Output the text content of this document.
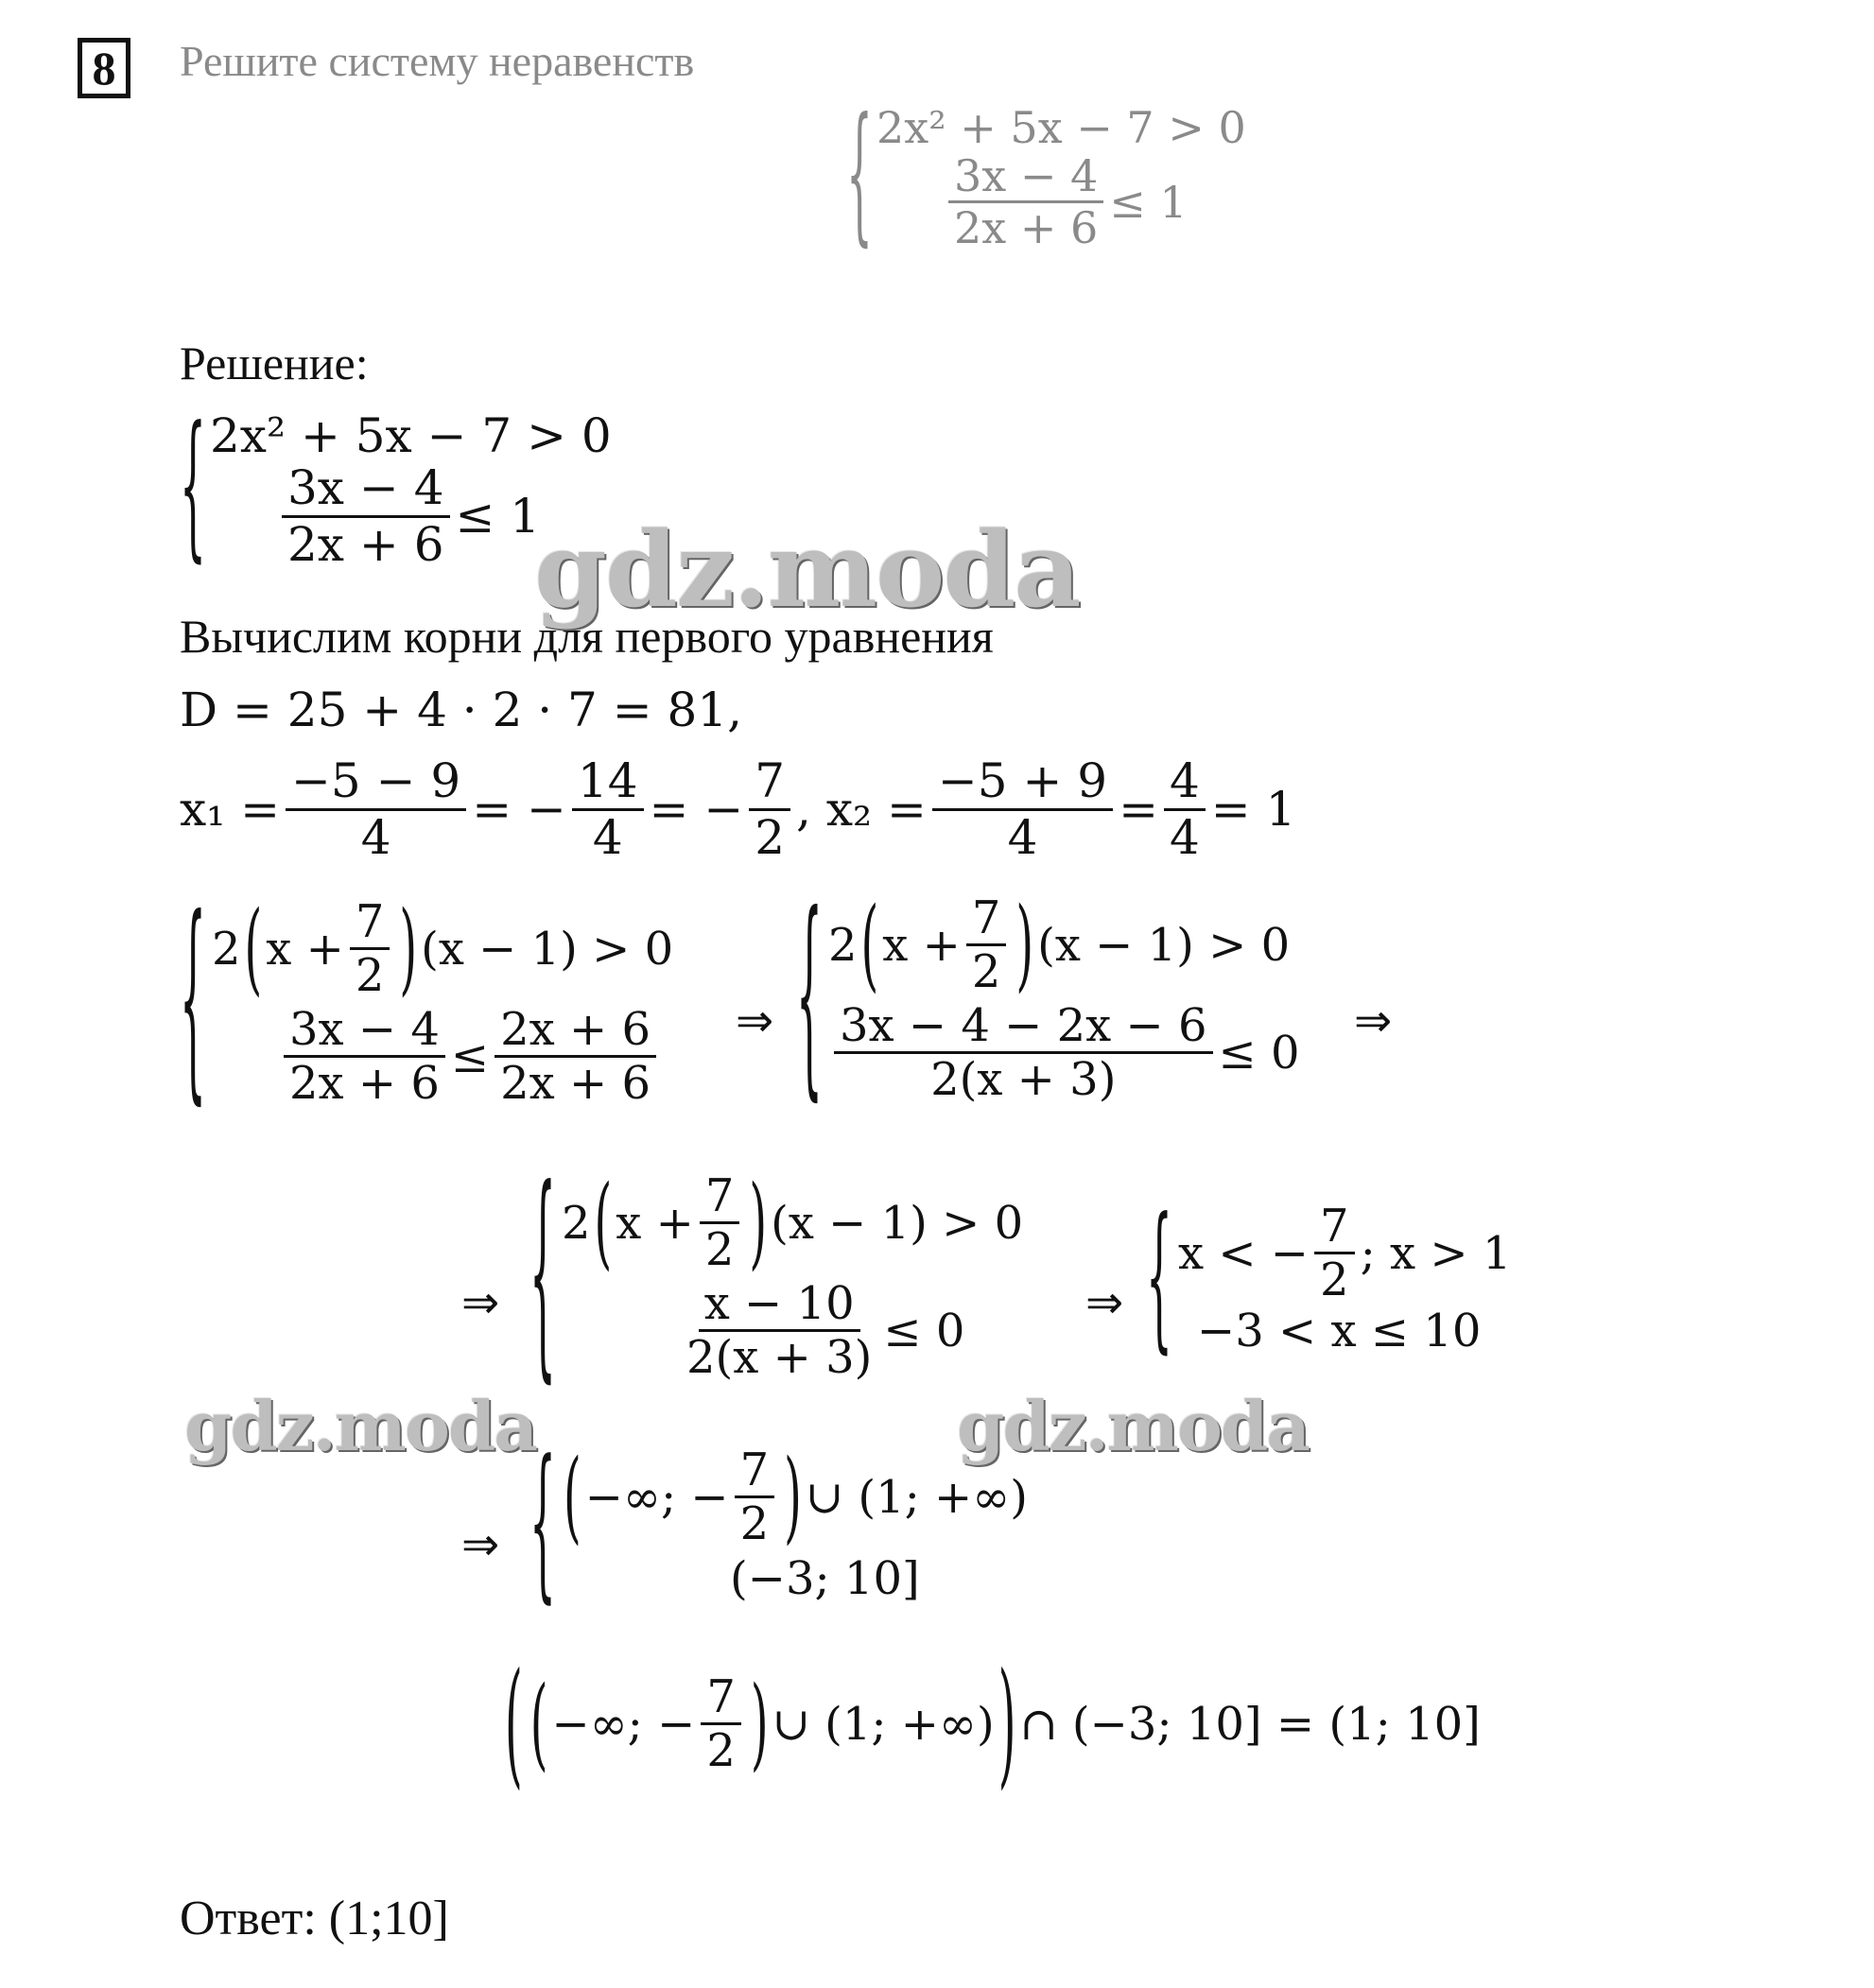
8	Решите систему неравенств
{ 2x² + 5x − 7 > 0
$\frac{3x - 4}{2x + 6} \le 1$
Решение:
{ 2x² + 5x − 7 > 0
$\frac{3x - 4}{2x + 6} \le 1$
Вычислим корни для первого уравнения
D = 25 + 4 · 2 · 7 = 81,
$x_1 = \frac{-5 - 9}{4}$ = − $\frac{14}{4}$ = − $\frac{7}{2}$ , $x_2 = \frac{-5 + 9}{4} = \frac{4}{4} = 1$
{ 2 ( $x + \frac{7}{2}$ ) (x − 1) > 0
$\frac{3x - 4}{2x + 6} \le \frac{2x + 6}{2x + 6}$ ⇒ { 2 ( $x + \frac{7}{2}$ ) (x − 1) > 0
$\frac{3x - 4 - 2x - 6}{2(x + 3)} \le 0$
⇒
⇒ { 2 ( $x + \frac{7}{2}$ ) (x − 1) > 0
$\frac{x - 10}{2(x + 3)} \le 0$
⇒ { x < − $\frac{7}{2}$ ; x > 1
−3 < x ≤ 10
gdz.moda
gdz.moda	gdz.moda
⇒ { ( −∞; − $\frac{7}{2}$ ) ∪ (1; +∞)
(−3; 10]
( ( −∞; − $\frac{7}{2}$ ) ∪ (1; +∞) ) ∩ (−3; 10] = (1; 10]
Ответ: (1;10]
